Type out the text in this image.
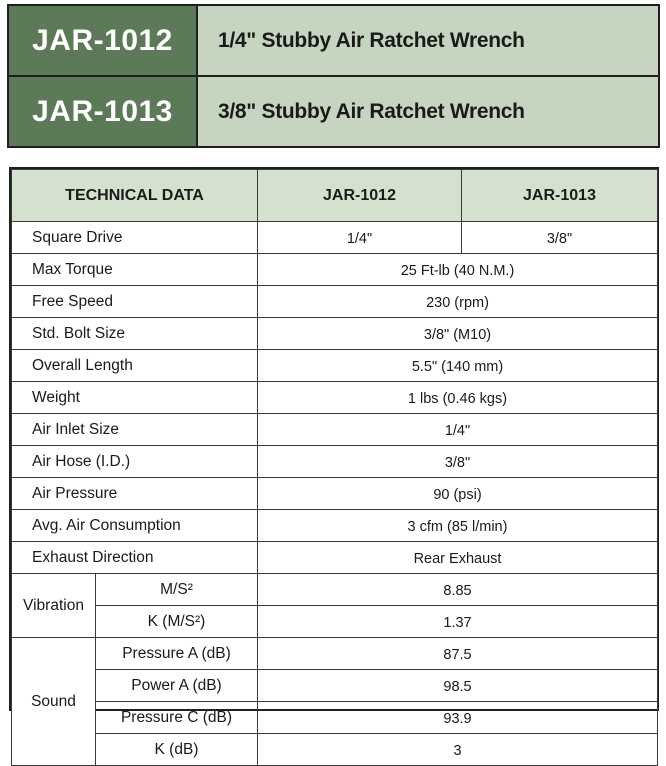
JAR-1012	1/4" Stubby Air Ratchet Wrench
JAR-1013	3/8" Stubby Air Ratchet Wrench
TECHNICAL DATA		JAR-1012	JAR-1013
Square Drive		1/4"	3/8"
Max Torque		25 Ft-lb (40 N.M.)	
Free Speed		230 (rpm)	
Std. Bolt Size		3/8" (M10)	
Overall Length		5.5" (140 mm)	
Weight		1 lbs (0.46 kgs)	
Air Inlet Size		1/4"	
Air Hose (I.D.)		3/8"	
Air Pressure		90 (psi)	
Avg. Air Consumption		3 cfm (85 l/min)	
Exhaust Direction		Rear Exhaust	
Vibration	M/S²	8.85	
	K (M/S²)	1.37	
Sound	Pressure A (dB)	87.5	
	Power A (dB)	98.5	
	Pressure C (dB)	93.9	
	K (dB)	3	
